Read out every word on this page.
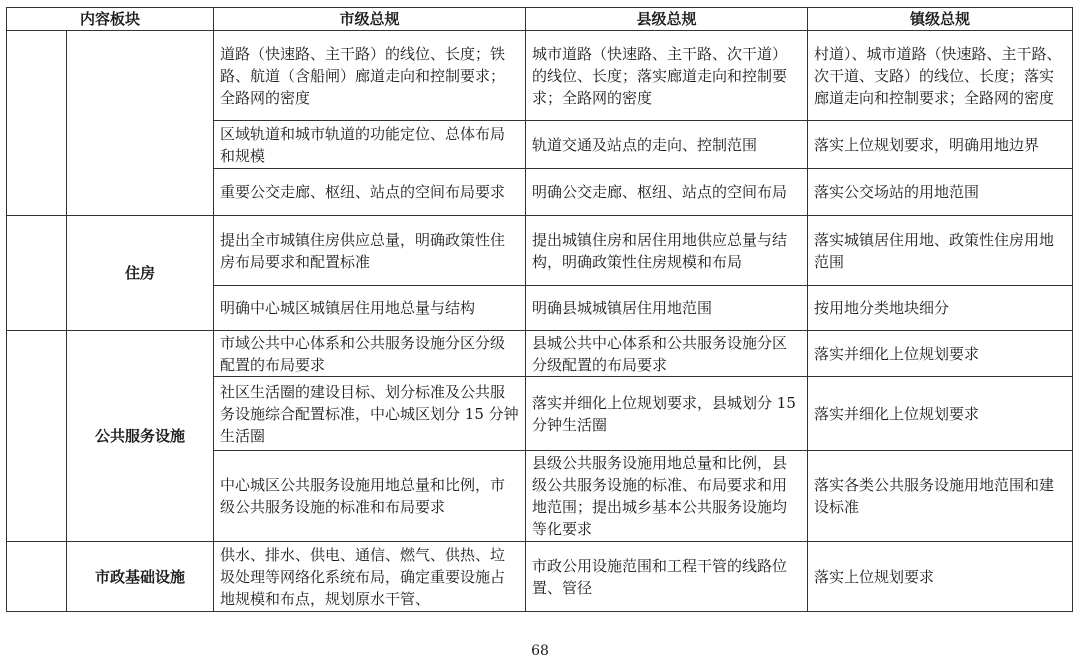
内容板块		市级总规	县级总规	镇级总规
		道路（快速路、主干路）的线位、长度；铁路、航道（含船闸）廊道走向和控制要求；全路网的密度	城市道路（快速路、主干路、次干道）的线位、长度；落实廊道走向和控制要求；全路网的密度	村道）、城市道路（快速路、主干路、次干道、支路）的线位、长度；落实廊道走向和控制要求；全路网的密度
		区域轨道和城市轨道的功能定位、总体布局和规模	轨道交通及站点的走向、控制范围	落实上位规划要求，明确用地边界
		重要公交走廊、枢纽、站点的空间布局要求	明确公交走廊、枢纽、站点的空间布局	落实公交场站的用地范围
	住房	提出全市城镇住房供应总量，明确政策性住房布局要求和配置标准	提出城镇住房和居住用地供应总量与结构，明确政策性住房规模和布局	落实城镇居住用地、政策性住房用地范围
		明确中心城区城镇居住用地总量与结构	明确县城城镇居住用地范围	按用地分类地块细分
	公共服务设施	市域公共中心体系和公共服务设施分区分级配置的布局要求	县城公共中心体系和公共服务设施分区分级配置的布局要求	落实并细化上位规划要求
		社区生活圈的建设目标、划分标准及公共服务设施综合配置标准，中心城区划分 15 分钟生活圈	落实并细化上位规划要求，县城划分 15 分钟生活圈	落实并细化上位规划要求
		中心城区公共服务设施用地总量和比例，市级公共服务设施的标准和布局要求	县级公共服务设施用地总量和比例，县级公共服务设施的标准、布局要求和用地范围；提出城乡基本公共服务设施均等化要求	落实各类公共服务设施用地范围和建设标准
	市政基础设施	供水、排水、供电、通信、燃气、供热、垃圾处理等网络化系统布局，确定重要设施占地规模和布点，规划原水干管、	市政公用设施范围和工程干管的线路位置、管径	落实上位规划要求
68
